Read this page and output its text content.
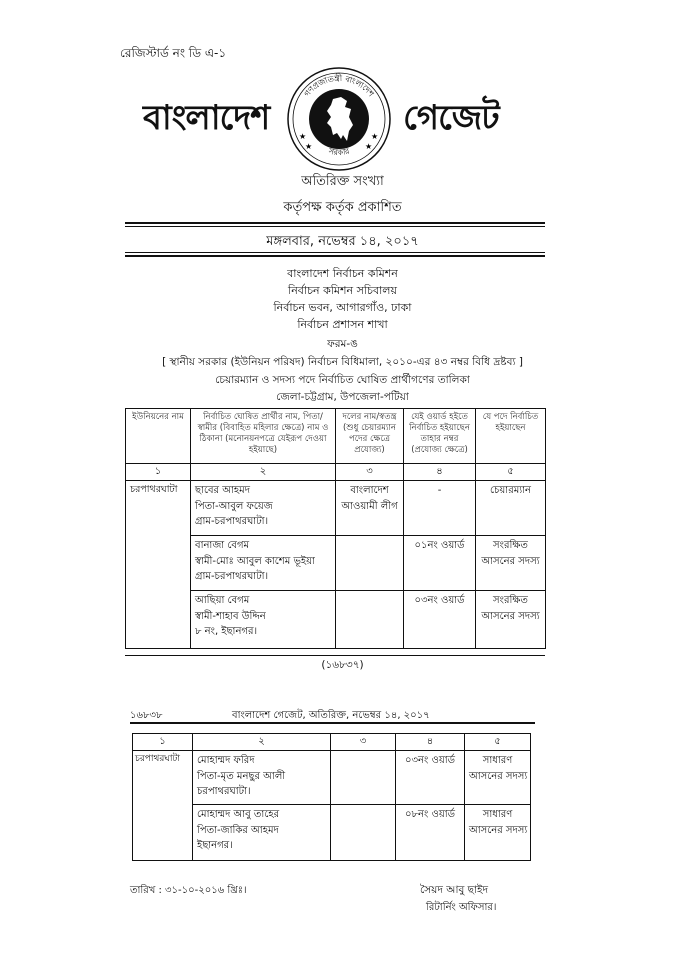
রেজিস্টার্ড নং ডি এ-১
বাংলাদেশ
গণপ্রজাতন্ত্রী বাংলাদেশ
সরকার
★	★
★	★
গেজেট
অতিরিক্ত সংখ্যা
কর্তৃপক্ষ কর্তৃক প্রকাশিত
মঙ্গলবার, নভেম্বর ১৪, ২০১৭
বাংলাদেশ নির্বাচন কমিশন
নির্বাচন কমিশন সচিবালয়
নির্বাচন ভবন, আগারগাঁও, ঢাকা
নির্বাচন প্রশাসন শাখা
ফরম-ঙ
[ স্থানীয় সরকার (ইউনিয়ন পরিষদ) নির্বাচন বিধিমালা, ২০১০-এর ৪৩ নম্বর বিধি দ্রষ্টব্য ]
চেয়ারম্যান ও সদস্য পদে নির্বাচিত ঘোষিত প্রার্থীগণের তালিকা
জেলা-চট্টগ্রাম, উপজেলা-পটিয়া
ইউনিয়নের নাম	নির্বাচিত ঘোষিত প্রার্থীর নাম, পিতা/স্বামীর (বিবাহিত মহিলার ক্ষেত্রে) নাম ও ঠিকানা (মনোনয়নপত্রে যেইরূপ দেওয়া হইয়াছে)	দলের নাম/স্বতন্ত্র (শুধু চেয়ারম্যান পদের ক্ষেত্রে প্রযোজ্য)	যেই ওয়ার্ড হইতে নির্বাচিত হইয়াছেন তাহার নম্বর (প্রযোজ্য ক্ষেত্রে)	যে পদে নির্বাচিত হইয়াছেন
১	২	৩	৪	৫
চরপাথরঘাটা	ছাবের আহমদ
পিতা-আবুল ফয়েজ
গ্রাম-চরপাথরঘাটা।	বাংলাদেশ
আওয়ামী লীগ	-	চেয়ারম্যান

	বানাজা বেগম
স্বামী-মোঃ আবুল কাশেম ভূইয়া
গ্রাম-চরপাথরঘাটা।		০১নং ওয়ার্ড	সংরক্ষিত
আসনের সদস্য

	আছিয়া বেগম
স্বামী-শাহাব উদ্দিন
৮ নং, ইছানগর।		০৩নং ওয়ার্ড	সংরক্ষিত
আসনের সদস্য
(১৬৮৩৭)
১৬৮৩৮	বাংলাদেশ গেজেট, অতিরিক্ত, নভেম্বর ১৪, ২০১৭
১	২	৩	৪	৫
চরপাথরঘাটা	মোহাম্মদ ফরিদ
পিতা-মৃত মনছুর আলী
চরপাথরঘাটা।		০৩নং ওয়ার্ড	সাধারণ
আসনের সদস্য

	মোহাম্মদ আবু তাহের
পিতা-জাকির আহমদ
ইছানগর।		০৮নং ওয়ার্ড	সাধারণ
আসনের সদস্য
তারিখ : ৩১-১০-২০১৬ খ্রিঃ।	সৈয়দ আবু ছাইদ
রিটার্নিং অফিসার।
